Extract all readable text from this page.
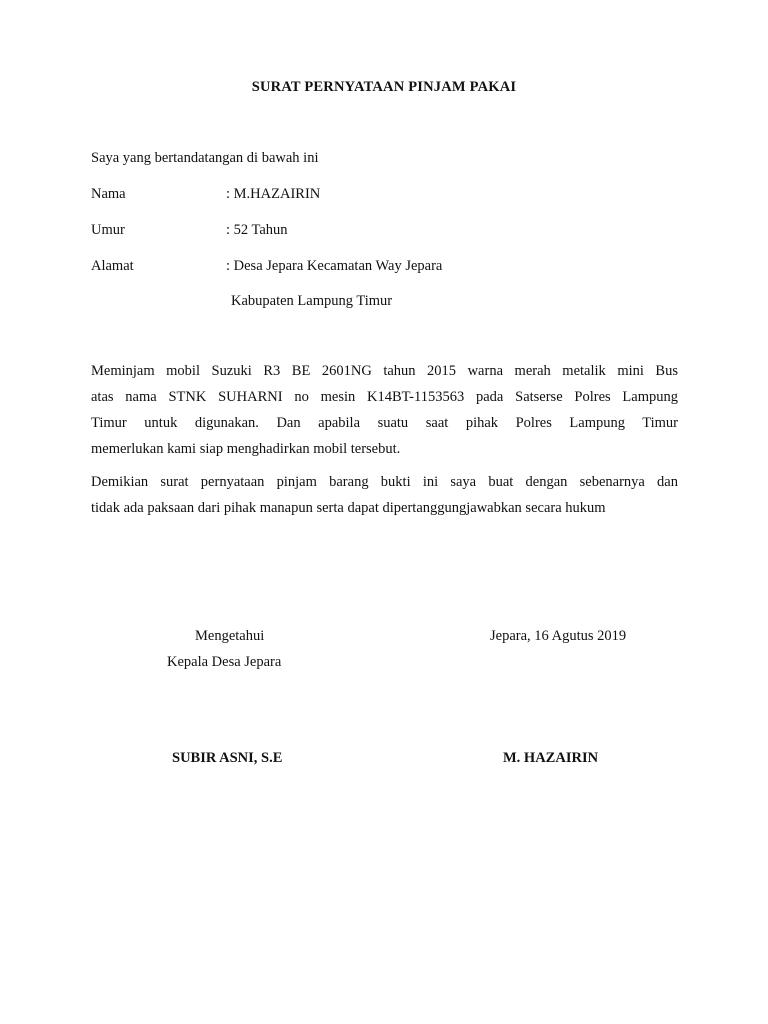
SURAT PERNYATAAN PINJAM PAKAI
Saya yang bertandatangan di bawah ini
Nama	: M.HAZAIRIN
Umur	: 52 Tahun
Alamat	: Desa Jepara Kecamatan Way Jepara
Kabupaten Lampung Timur
Meminjam mobil Suzuki R3 BE 2601NG tahun 2015 warna merah metalik mini Bus
atas nama STNK SUHARNI no mesin K14BT-1153563 pada Satserse Polres Lampung
Timur untuk digunakan. Dan apabila suatu saat pihak Polres Lampung Timur
memerlukan kami siap menghadirkan mobil tersebut.
Demikian surat pernyataan pinjam barang bukti ini saya buat dengan sebenarnya dan
tidak ada paksaan dari pihak manapun serta dapat dipertanggungjawabkan secara hukum
Mengetahui
Kepala Desa Jepara
Jepara, 16 Agutus 2019
SUBIR ASNI, S.E	M. HAZAIRIN
